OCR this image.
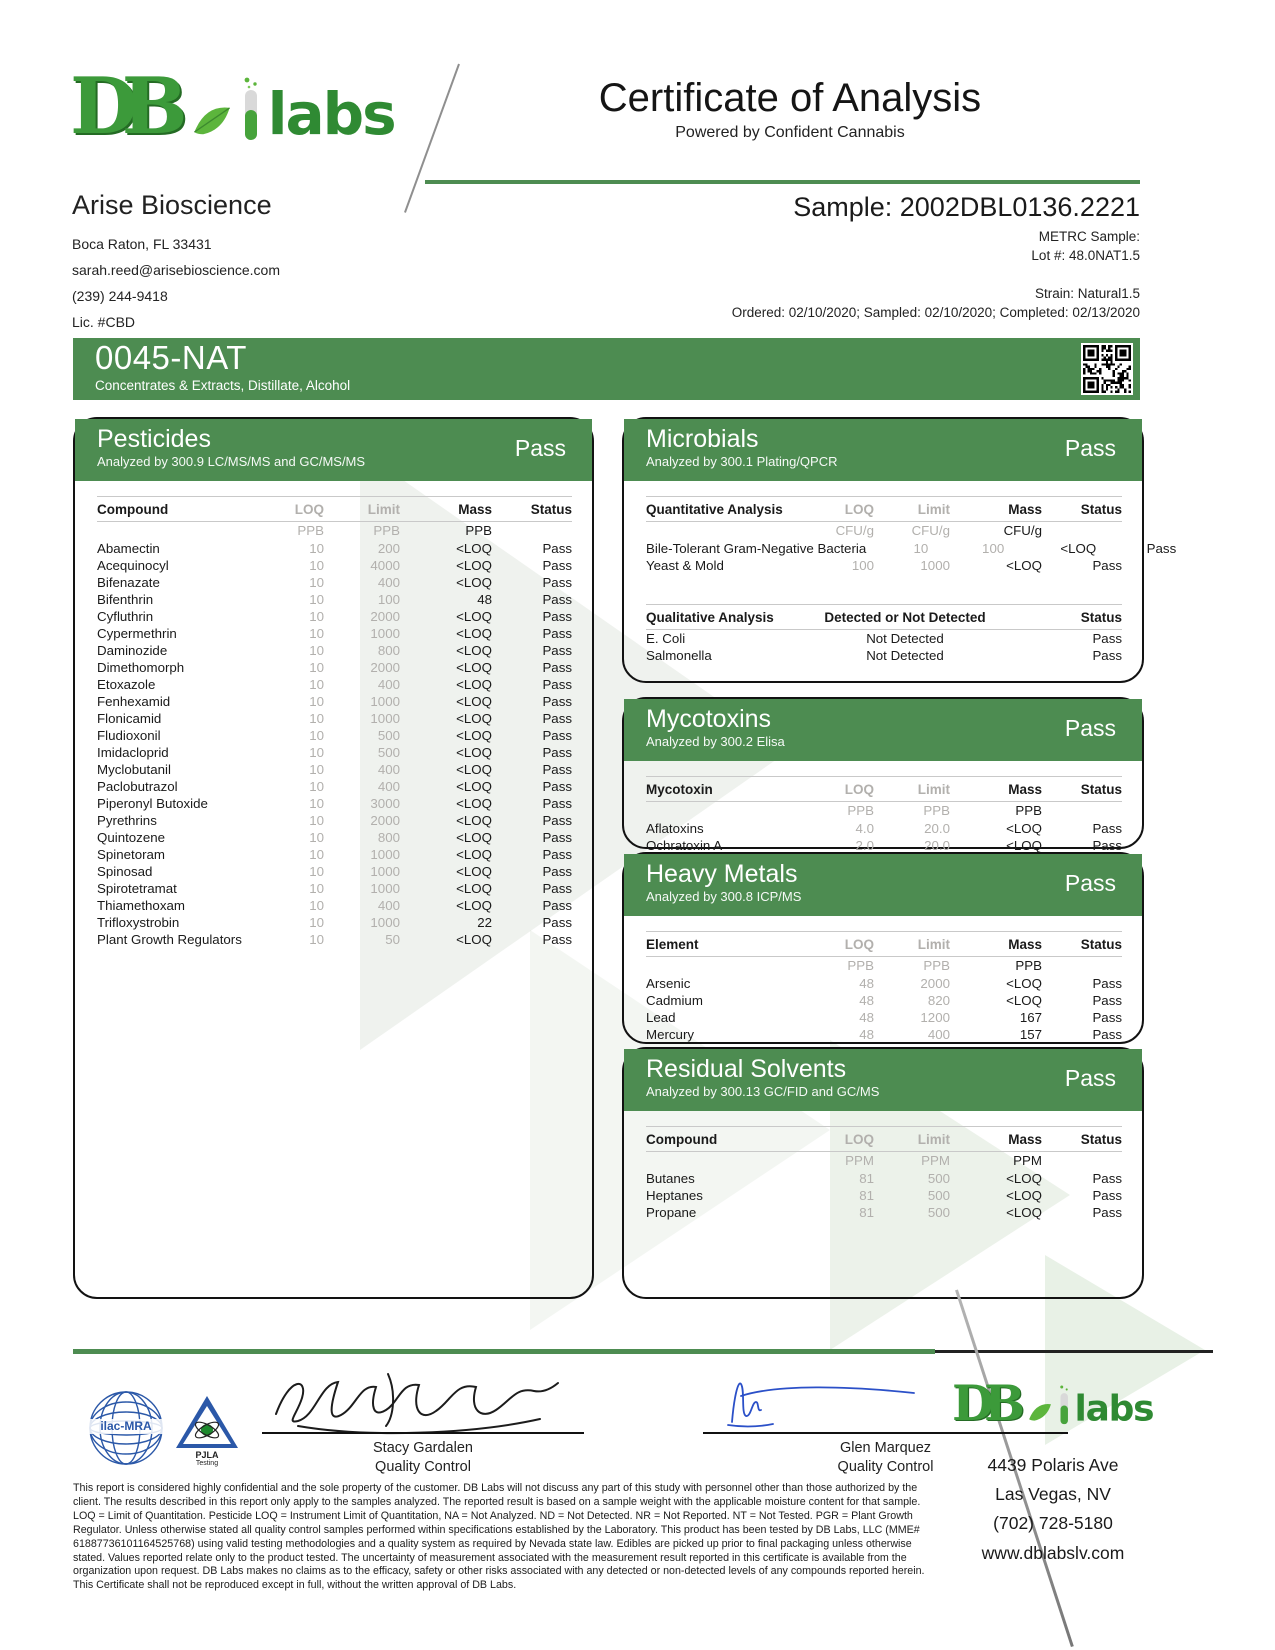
DB labs
Arise Bioscience
Boca Raton, FL 33431
sarah.reed@arisebioscience.com
(239) 244-9418
Lic. #CBD
Certificate of Analysis
Powered by Confident Cannabis
Sample: 2002DBL0136.2221
METRC Sample:
Lot #: 48.0NAT1.5
Strain: Natural1.5
Ordered: 02/10/2020; Sampled: 02/10/2020; Completed: 02/13/2020
0045-NAT
Concentrates & Extracts, Distillate, Alcohol
Pesticides
Analyzed by 300.9 LC/MS/MS and GC/MS/MS
Pass
Compound	LOQ	Limit	Mass	Status
PPB	PPB	PPB
Abamectin	10	200	<LOQ	Pass
Acequinocyl	10	4000	<LOQ	Pass
Bifenazate	10	400	<LOQ	Pass
Bifenthrin	10	100	48	Pass
Cyfluthrin	10	2000	<LOQ	Pass
Cypermethrin	10	1000	<LOQ	Pass
Daminozide	10	800	<LOQ	Pass
Dimethomorph	10	2000	<LOQ	Pass
Etoxazole	10	400	<LOQ	Pass
Fenhexamid	10	1000	<LOQ	Pass
Flonicamid	10	1000	<LOQ	Pass
Fludioxonil	10	500	<LOQ	Pass
Imidacloprid	10	500	<LOQ	Pass
Myclobutanil	10	400	<LOQ	Pass
Paclobutrazol	10	400	<LOQ	Pass
Piperonyl Butoxide	10	3000	<LOQ	Pass
Pyrethrins	10	2000	<LOQ	Pass
Quintozene	10	800	<LOQ	Pass
Spinetoram	10	1000	<LOQ	Pass
Spinosad	10	1000	<LOQ	Pass
Spirotetramat	10	1000	<LOQ	Pass
Thiamethoxam	10	400	<LOQ	Pass
Trifloxystrobin	10	1000	22	Pass
Plant Growth Regulators	10	50	<LOQ	Pass
Microbials
Analyzed by 300.1 Plating/QPCR
Pass
Quantitative Analysis	LOQ	Limit	Mass	Status
CFU/g	CFU/g	CFU/g
Bile-Tolerant Gram-Negative Bacteria	10	100	<LOQ	Pass
Yeast & Mold	100	1000	<LOQ	Pass
Qualitative Analysis	Detected or Not Detected	Status
E. Coli	Not Detected	Pass
Salmonella	Not Detected	Pass
Mycotoxins
Analyzed by 300.2 Elisa
Pass
Mycotoxin	LOQ	Limit	Mass	Status
PPB	PPB	PPB
Aflatoxins	4.0	20.0	<LOQ	Pass
Ochratoxin A	2.0	20.0	<LOQ	Pass
Heavy Metals
Analyzed by 300.8 ICP/MS
Pass
Element	LOQ	Limit	Mass	Status
PPB	PPB	PPB
Arsenic	48	2000	<LOQ	Pass
Cadmium	48	820	<LOQ	Pass
Lead	48	1200	167	Pass
Mercury	48	400	157	Pass
Residual Solvents
Analyzed by 300.13 GC/FID and GC/MS
Pass
Compound	LOQ	Limit	Mass	Status
PPM	PPM	PPM
Butanes	81	500	<LOQ	Pass
Heptanes	81	500	<LOQ	Pass
Propane	81	500	<LOQ	Pass
Stacy Gardalen
Quality Control
Glen Marquez
Quality Control
ilac-MRA
PJLA
Testing
This report is considered highly confidential and the sole property of the customer. DB Labs will not discuss any part of this study with personnel other than those authorized by the client. The results described in this report only apply to the samples analyzed. The reported result is based on a sample weight with the applicable moisture content for that sample. LOQ = Limit of Quantitation. Pesticide LOQ = Instrument Limit of Quantitation, NA = Not Analyzed. ND = Not Detected. NR = Not Reported. NT = Not Tested. PGR = Plant Growth Regulator. Unless otherwise stated all quality control samples performed within specifications established by the Laboratory. This product has been tested by DB Labs, LLC (MME# 61887736101164525768) using valid testing methodologies and a quality system as required by Nevada state law. Edibles are picked up prior to final packaging unless otherwise stated. Values reported relate only to the product tested. The uncertainty of measurement associated with the measurement result reported in this certificate is available from the organization upon request. DB Labs makes no claims as to the efficacy, safety or other risks associated with any detected or non-detected levels of any compounds reported herein. This Certificate shall not be reproduced except in full, without the written approval of DB Labs.
DB labs
4439 Polaris Ave
Las Vegas, NV
(702) 728-5180
www.dblabslv.com
